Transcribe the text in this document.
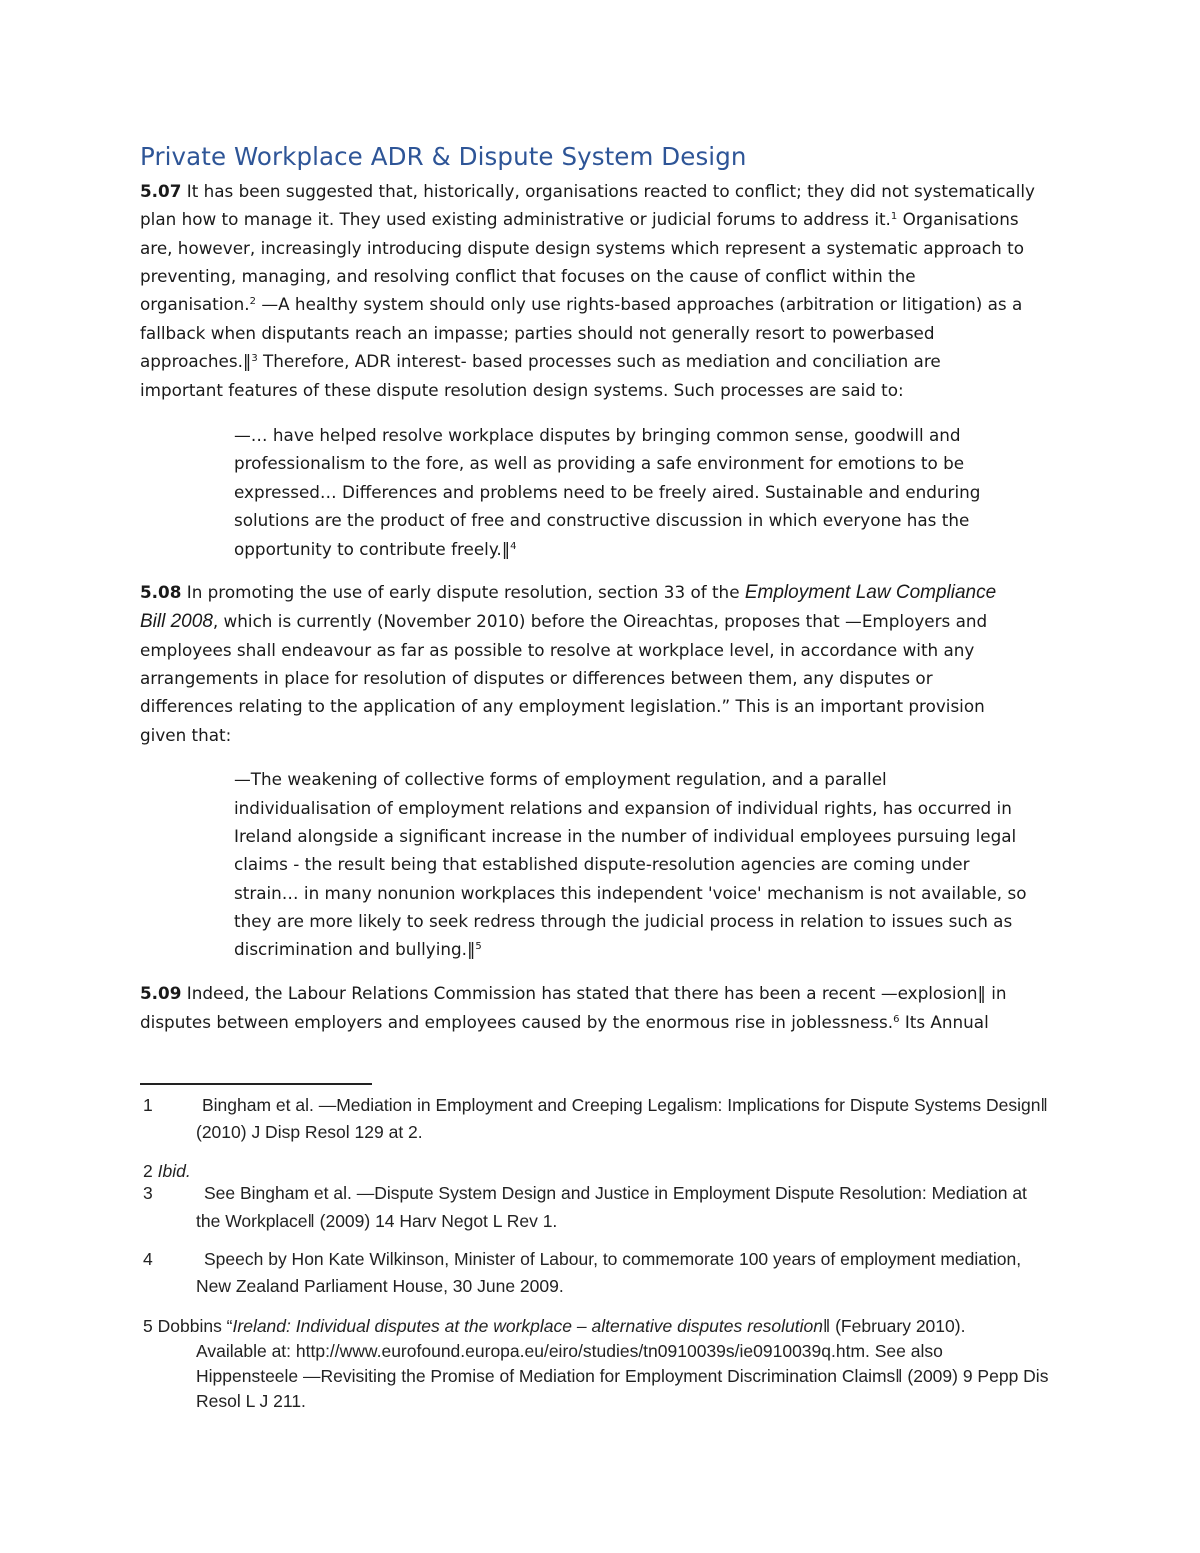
Private Workplace ADR & Dispute System Design
5.07 It has been suggested that, historically, organisations reacted to conflict; they did not systematically
plan how to manage it. They used existing administrative or judicial forums to address it.$^1$ Organisations
are, however, increasingly introducing dispute design systems which represent a systematic approach to
preventing, managing, and resolving conflict that focuses on the cause of conflict within the
organisation.$^2$ —A healthy system should only use rights-based approaches (arbitration or litigation) as a
fallback when disputants reach an impasse; parties should not generally resort to powerbased
approaches.‖$^3$ Therefore, ADR interest- based processes such as mediation and conciliation are
important features of these dispute resolution design systems. Such processes are said to:
—… have helped resolve workplace disputes by bringing common sense, goodwill and
professionalism to the fore, as well as providing a safe environment for emotions to be
expressed… Differences and problems need to be freely aired. Sustainable and enduring
solutions are the product of free and constructive discussion in which everyone has the
opportunity to contribute freely.‖$^4$
5.08 In promoting the use of early dispute resolution, section 33 of the Employment Law Compliance
Bill 2008, which is currently (November 2010) before the Oireachtas, proposes that —Employers and
employees shall endeavour as far as possible to resolve at workplace level, in accordance with any
arrangements in place for resolution of disputes or differences between them, any disputes or
differences relating to the application of any employment legislation.” This is an important provision
given that:
—The weakening of collective forms of employment regulation, and a parallel
individualisation of employment relations and expansion of individual rights, has occurred in
Ireland alongside a significant increase in the number of individual employees pursuing legal
claims - the result being that established dispute-resolution agencies are coming under
strain… in many nonunion workplaces this independent 'voice' mechanism is not available, so
they are more likely to seek redress through the judicial process in relation to issues such as
discrimination and bullying.‖$^5$
5.09 Indeed, the Labour Relations Commission has stated that there has been a recent —explosion‖ in
disputes between employers and employees caused by the enormous rise in joblessness.$^6$ Its Annual
1	Bingham et al. —Mediation in Employment and Creeping Legalism: Implications for Dispute Systems Design‖
(2010) J Disp Resol 129 at 2.
2 Ibid.
3	See Bingham et al. —Dispute System Design and Justice in Employment Dispute Resolution: Mediation at
the Workplace‖ (2009) 14 Harv Negot L Rev 1.
4	Speech by Hon Kate Wilkinson, Minister of Labour, to commemorate 100 years of employment mediation,
New Zealand Parliament House, 30 June 2009.
5 Dobbins “Ireland: Individual disputes at the workplace – alternative disputes resolution‖ (February 2010).
Available at: http://www.eurofound.europa.eu/eiro/studies/tn0910039s/ie0910039q.htm. See also
Hippensteele —Revisiting the Promise of Mediation for Employment Discrimination Claims‖ (2009) 9 Pepp Dis
Resol L J 211.
